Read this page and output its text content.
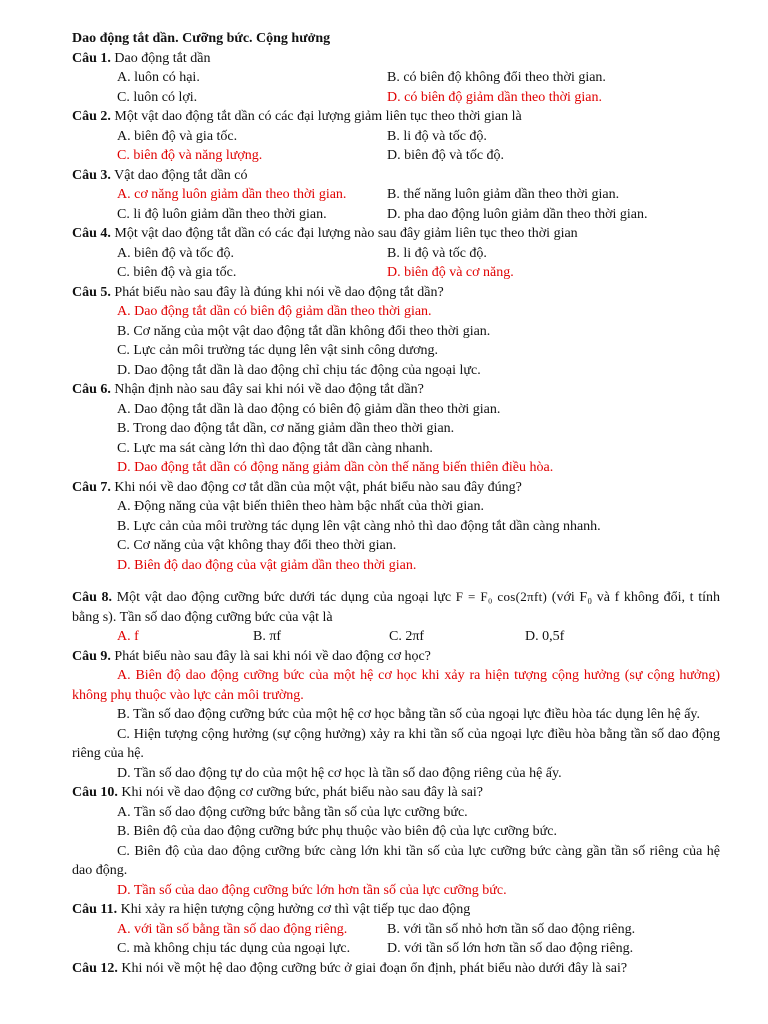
Dao động tắt dần. Cưỡng bức. Cộng hưởng
Câu 1. Dao động tắt dần
A. luôn có hại.	B. có biên độ không đổi theo thời gian.
C. luôn có lợi.	D. có biên độ giảm dần theo thời gian.
Câu 2. Một vật dao động tắt dần có các đại lượng giảm liên tục theo thời gian là
A. biên độ và gia tốc.	B. li độ và tốc độ.
C. biên độ và năng lượng.	D. biên độ và tốc độ.
Câu 3. Vật dao động tắt dần có
A. cơ năng luôn giảm dần theo thời gian.	B. thế năng luôn giảm dần theo thời gian.
C. li độ luôn giảm dần theo thời gian.	D. pha dao động luôn giảm dần theo thời gian.
Câu 4. Một vật dao động tắt dần có các đại lượng nào sau đây giảm liên tục theo thời gian
A. biên độ và tốc độ.	B. li độ và tốc độ.
C. biên độ và gia tốc.	D. biên độ và cơ năng.
Câu 5. Phát biểu nào sau đây là đúng khi nói về dao động tắt dần?
A. Dao động tắt dần có biên độ giảm dần theo thời gian.
B. Cơ năng của một vật dao động tắt dần không đổi theo thời gian.
C. Lực cản môi trường tác dụng lên vật sinh công dương.
D. Dao động tắt dần là dao động chỉ chịu tác động của ngoại lực.
Câu 6. Nhận định nào sau đây sai khi nói về dao động tắt dần?
A. Dao động tắt dần là dao động có biên độ giảm dần theo thời gian.
B. Trong dao động tắt dần, cơ năng giảm dần theo thời gian.
C. Lực ma sát càng lớn thì dao động tắt dần càng nhanh.
D. Dao động tắt dần có động năng giảm dần còn thế năng biến thiên điều hòa.
Câu 7. Khi nói về dao động cơ tắt dần của một vật, phát biểu nào sau đây đúng?
A. Động năng của vật biến thiên theo hàm bậc nhất của thời gian.
B. Lực cản của môi trường tác dụng lên vật càng nhỏ thì dao động tắt dần càng nhanh.
C. Cơ năng của vật không thay đổi theo thời gian.
D. Biên độ dao động của vật giảm dần theo thời gian.
Câu 8. Một vật dao động cưỡng bức dưới tác dụng của ngoại lực F = F₀ cos(2πft) (với F₀ và f không đổi, t tính bằng s). Tần số dao động cưỡng bức của vật là
A. f	B. πf	C. 2πf	D. 0,5f
Câu 9. Phát biểu nào sau đây là sai khi nói về dao động cơ học?
A. Biên độ dao động cưỡng bức của một hệ cơ học khi xảy ra hiện tượng cộng hưởng (sự cộng hưởng) không phụ thuộc vào lực cản môi trường.
B. Tần số dao động cưỡng bức của một hệ cơ học bằng tần số của ngoại lực điều hòa tác dụng lên hệ ấy.
C. Hiện tượng cộng hưởng (sự cộng hưởng) xảy ra khi tần số của ngoại lực điều hòa bằng tần số dao động riêng của hệ.
D. Tần số dao động tự do của một hệ cơ học là tần số dao động riêng của hệ ấy.
Câu 10. Khi nói về dao động cơ cưỡng bức, phát biểu nào sau đây là sai?
A. Tần số dao động cưỡng bức bằng tần số của lực cưỡng bức.
B. Biên độ của dao động cưỡng bức phụ thuộc vào biên độ của lực cưỡng bức.
C. Biên độ của dao động cưỡng bức càng lớn khi tần số của lực cưỡng bức càng gần tần số riêng của hệ dao động.
D. Tần số của dao động cưỡng bức lớn hơn tần số của lực cưỡng bức.
Câu 11. Khi xảy ra hiện tượng cộng hưởng cơ thì vật tiếp tục dao động
A. với tần số bằng tần số dao động riêng.	B. với tần số nhỏ hơn tần số dao động riêng.
C. mà không chịu tác dụng của ngoại lực.	D. với tần số lớn hơn tần số dao động riêng.
Câu 12. Khi nói về một hệ dao động cưỡng bức ở giai đoạn ổn định, phát biểu nào dưới đây là sai?
